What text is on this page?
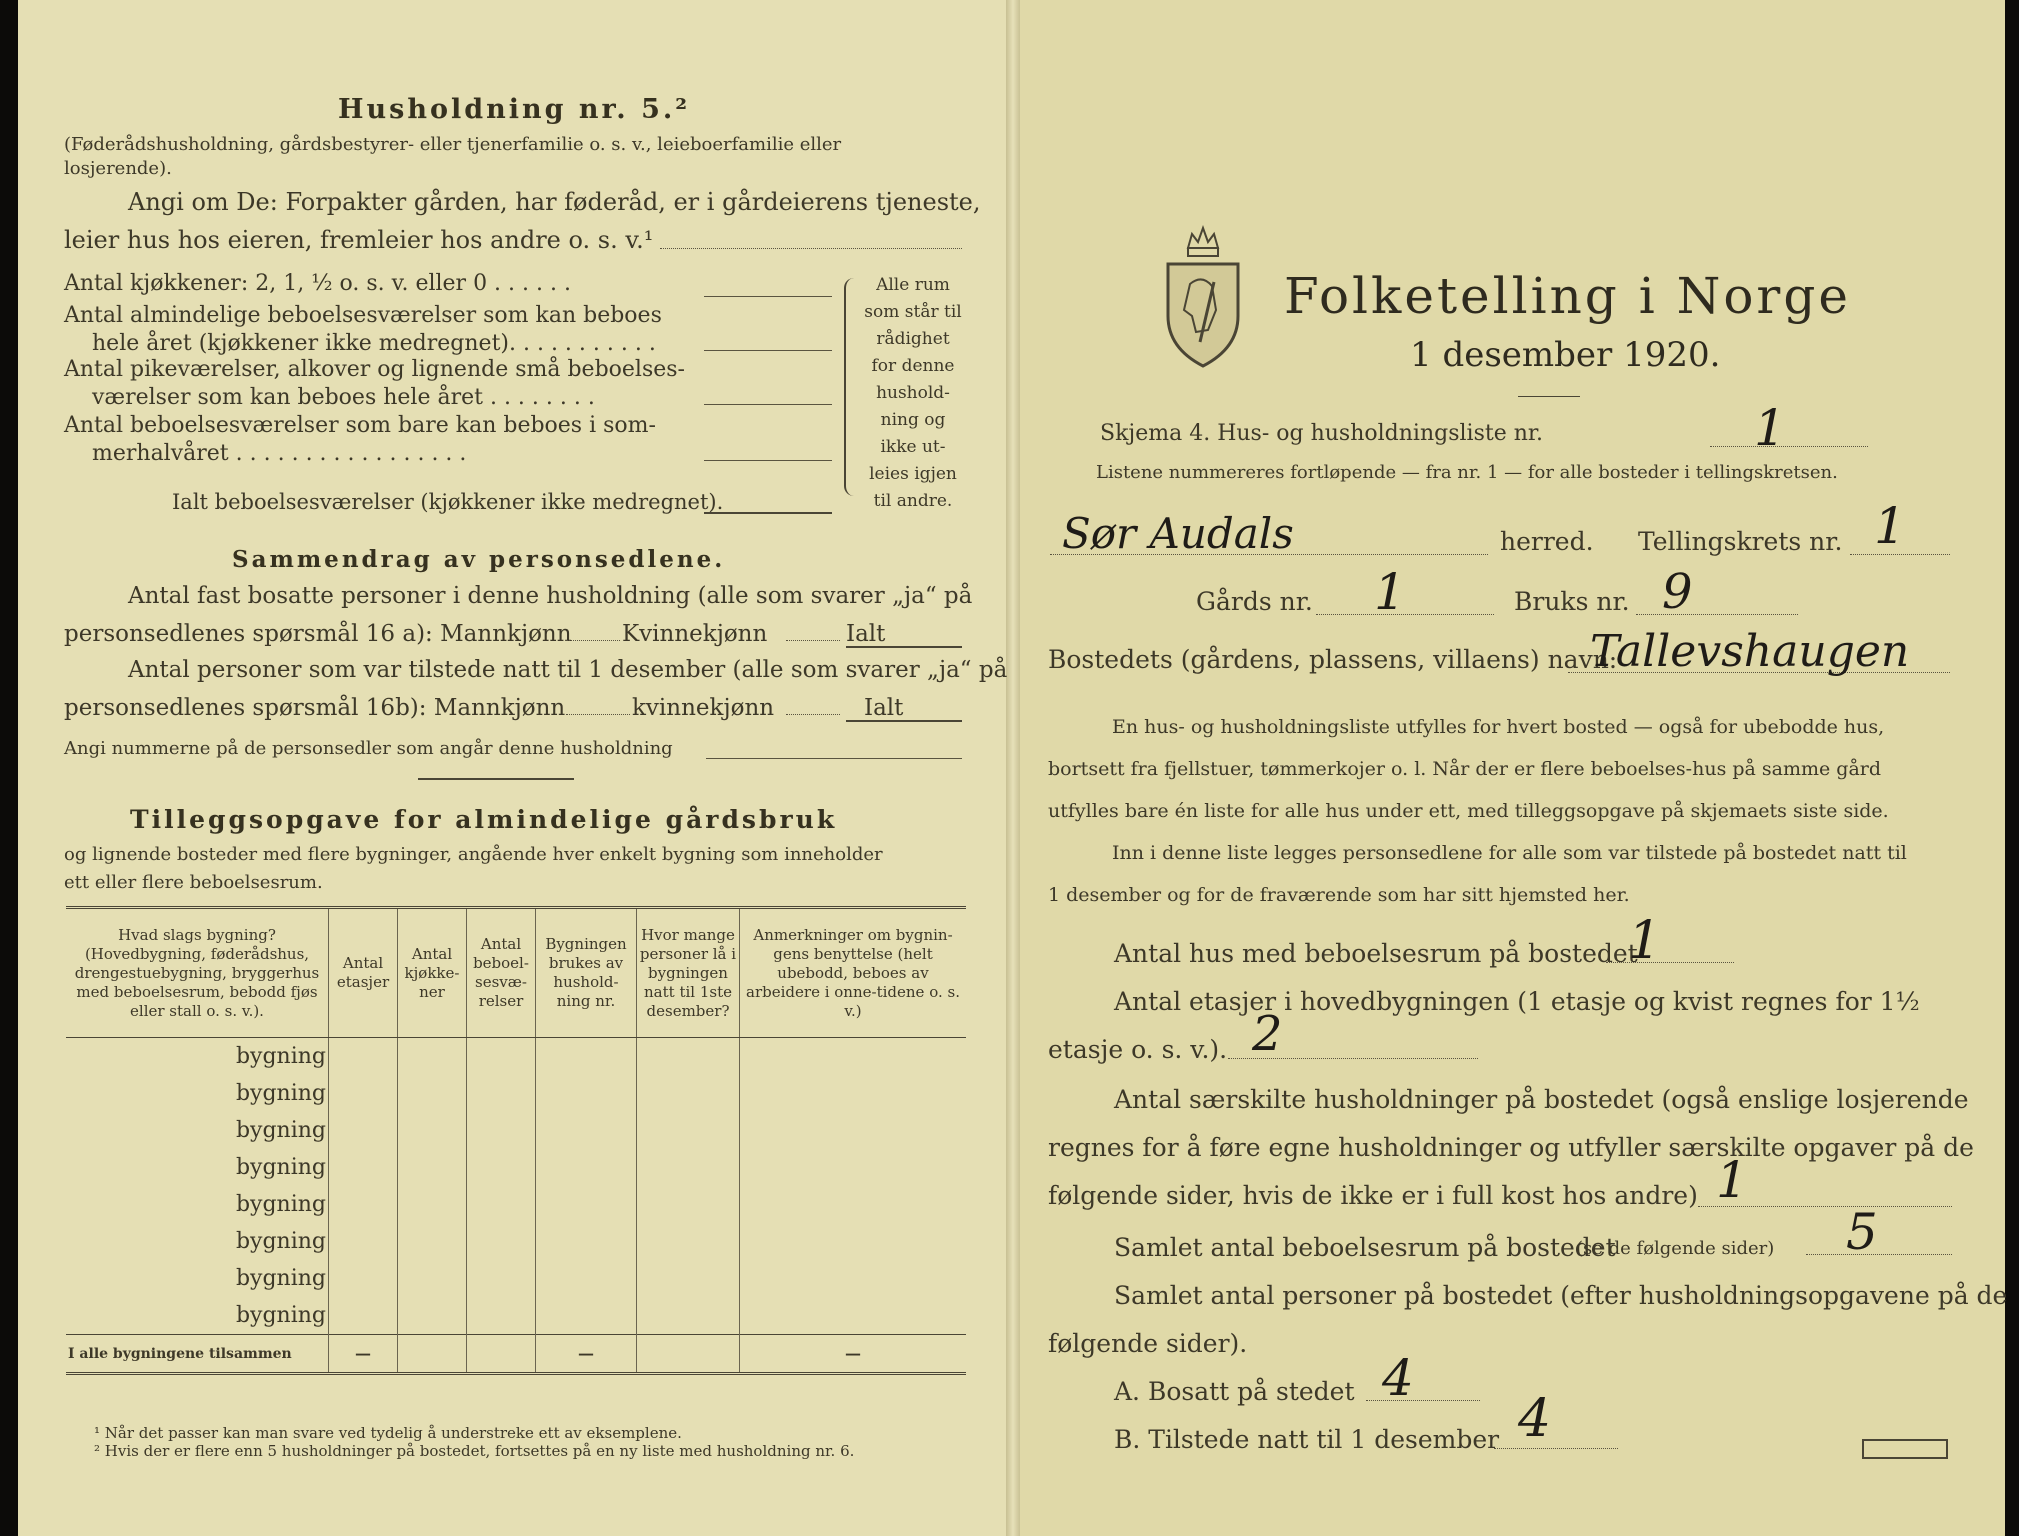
Husholdning nr. 5.²
(Føderådshusholdning, gårdsbestyrer- eller tjenerfamilie o. s. v., leieboerfamilie eller
losjerende).
Angi om De: Forpakter gården, har føderåd, er i gårdeierens tjeneste,
leier hus hos eieren, fremleier hos andre o. s. v.¹
Antal kjøkkener: 2, 1, ½ o. s. v. eller 0 . . . . . .
Antal almindelige beboelsesværelser som kan beboes
hele året (kjøkkener ikke medregnet). . . . . . . . . . .
Antal pikeværelser, alkover og lignende små beboelses-
værelser som kan beboes hele året . . . . . . . .
Antal beboelsesværelser som bare kan beboes i som-
merhalvåret . . . . . . . . . . . . . . . . .
Ialt beboelsesværelser (kjøkkener ikke medregnet).
Alle rum
som står til
rådighet
for denne
hushold-
ning og
ikke ut-
leies igjen
til andre.
Sammendrag av personsedlene.
Antal fast bosatte personer i denne husholdning (alle som svarer „ja“ på
personsedlenes spørsmål 16 a): Mannkjønn Kvinnekjønn	Ialt
Antal personer som var tilstede natt til 1 desember (alle som svarer „ja“ på
personsedlenes spørsmål 16b): Mannkjønn	kvinnekjønn	Ialt
Angi nummerne på de personsedler som angår denne husholdning
Tilleggsopgave for almindelige gårdsbruk
og lignende bosteder med flere bygninger, angående hver enkelt bygning som inneholder
ett eller flere beboelsesrum.
Hvad slags bygning? (Hovedbygning, føderådshus, drengestuebygning, bryggerhus med beboelsesrum, bebodd fjøs eller stall o. s. v.).	Antal etasjer	Antal kjøkke-ner	Antal beboel-sesvæ-relser	Bygningen brukes av hushold-ning nr.	Hvor mange personer lå i bygningen natt til 1ste desember?	Anmerkninger om bygnin-gens benyttelse (helt ubebodd, beboes av arbeidere i onne-tidene o. s. v.)
bygning						
bygning						
bygning						
bygning						
bygning						
bygning						
bygning						
bygning						
I alle bygningene tilsammen	—			—		—
¹ Når det passer kan man svare ved tydelig å understreke ett av eksemplene.
² Hvis der er flere enn 5 husholdninger på bostedet, fortsettes på en ny liste med husholdning nr. 6.
Folketelling i Norge
1 desember 1920.
Skjema 4. Hus- og husholdningsliste nr.	1
Listene nummereres fortløpende — fra nr. 1 — for alle bosteder i tellingskretsen.
Sør Audals	herred. Tellingskrets nr. 1
Gårds nr. 1	Bruks nr. 9
Bostedets (gårdens, plassens, villaens) navn:
Tallevshaugen
En hus- og husholdningsliste utfylles for hvert bosted — også for ubebodde hus,
bortsett fra fjellstuer, tømmerkojer o. l. Når der er flere beboelses-hus på samme gård
utfylles bare én liste for alle hus under ett, med tilleggsopgave på skjemaets siste side.
Inn i denne liste legges personsedlene for alle som var tilstede på bostedet natt til
1 desember og for de fraværende som har sitt hjemsted her.
Antal hus med beboelsesrum på bostedet
1
Antal etasjer i hovedbygningen (1 etasje og kvist regnes for 1½
etasje o. s. v.). 2
Antal særskilte husholdninger på bostedet (også enslige losjerende
regnes for å føre egne husholdninger og utfyller særskilte opgaver på de
følgende sider, hvis de ikke er i full kost hos andre) 1
Samlet antal beboelsesrum på bostedet
(se de følgende sider) 5
Samlet antal personer på bostedet (efter husholdningsopgavene på de
følgende sider).
A. Bosatt på stedet 4
B. Tilstede natt til 1 desember 4
